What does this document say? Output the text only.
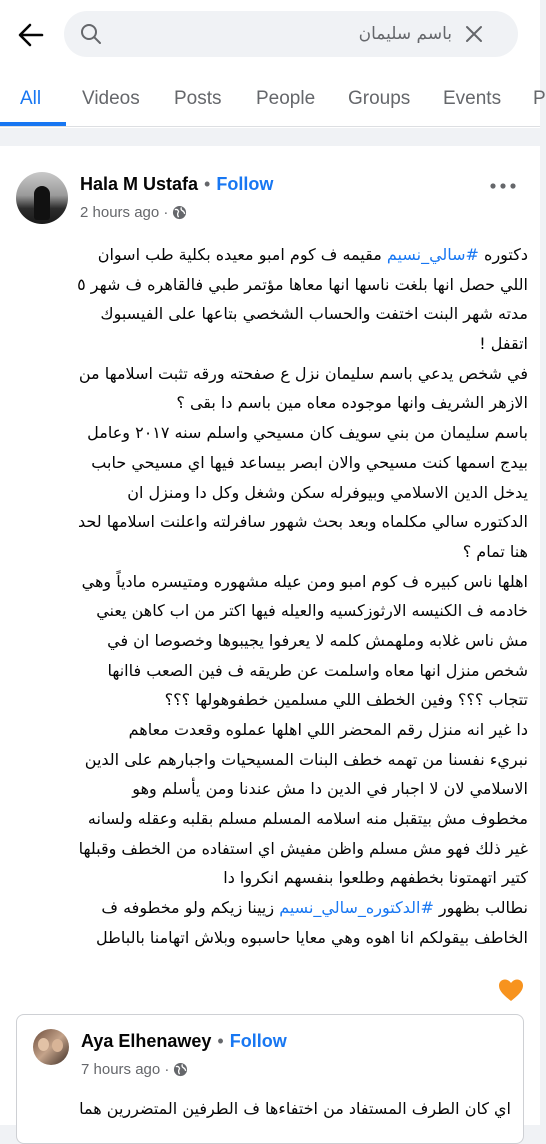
باسم سليمان
All Videos Posts People Groups Events P
Hala M Ustafa • Follow
2 hours ago ·
دكتوره #سالي_نسيم مقيمه ف كوم امبو معيده بكلية طب اسوان
اللي حصل انها بلغت ناسها انها معاها مؤتمر طبي فالقاهره ف شهر ٥
مدته شهر البنت اختفت والحساب الشخصي بتاعها على الفيسبوك
اتقفل !
في شخص يدعي باسم سليمان نزل ع صفحته ورقه تثبت اسلامها من
الازهر الشريف وانها موجوده معاه مين باسم دا بقى ؟
باسم سليمان من بني سويف كان مسيحي واسلم سنه ٢٠١٧ وعامل
بيدج اسمها كنت مسيحي والان ابصر بيساعد فيها اي مسيحي حابب
يدخل الدين الاسلامي وبيوفرله سكن وشغل وكل دا ومنزل ان
الدكتوره سالي مكلماه وبعد بحث شهور سافرلته واعلنت اسلامها لحد
هنا تمام ؟
اهلها ناس كبيره ف كوم امبو ومن عيله مشهوره ومتيسره مادياً وهي
خادمه ف الكنيسه الارثوزكسيه والعيله فيها اكتر من اب كاهن يعني
مش ناس غلابه وملهمش كلمه لا يعرفوا يجيبوها وخصوصا ان في
شخص منزل انها معاه واسلمت عن طريقه ف فين الصعب فاانها
تتجاب ؟؟؟ وفين الخطف اللي مسلمين خطفوهولها ؟؟؟
دا غير انه منزل رقم المحضر اللي اهلها عملوه وقعدت معاهم
نبريء نفسنا من تهمه خطف البنات المسيحيات واجبارهم على الدين
الاسلامي لان لا اجبار في الدين دا مش عندنا ومن يأسلم وهو
مخطوف مش بيتقبل منه اسلامه المسلم مسلم بقلبه وعقله ولسانه
غير ذلك فهو مش مسلم واظن مفيش اي استفاده من الخطف وقبلها
كتير اتهمتونا بخطفهم وطلعوا بنفسهم انكروا دا
نطالب بظهور #الدكتوره_سالي_نسيم زيينا زيكم ولو مخطوفه ف
الخاطف بيقولكم انا اهوه وهي معايا حاسبوه وبلاش اتهامنا بالباطل
Aya Elhenawey • Follow
7 hours ago ·
اي كان الطرف المستفاد من اختفاءها ف الطرفين المتضررين هما
